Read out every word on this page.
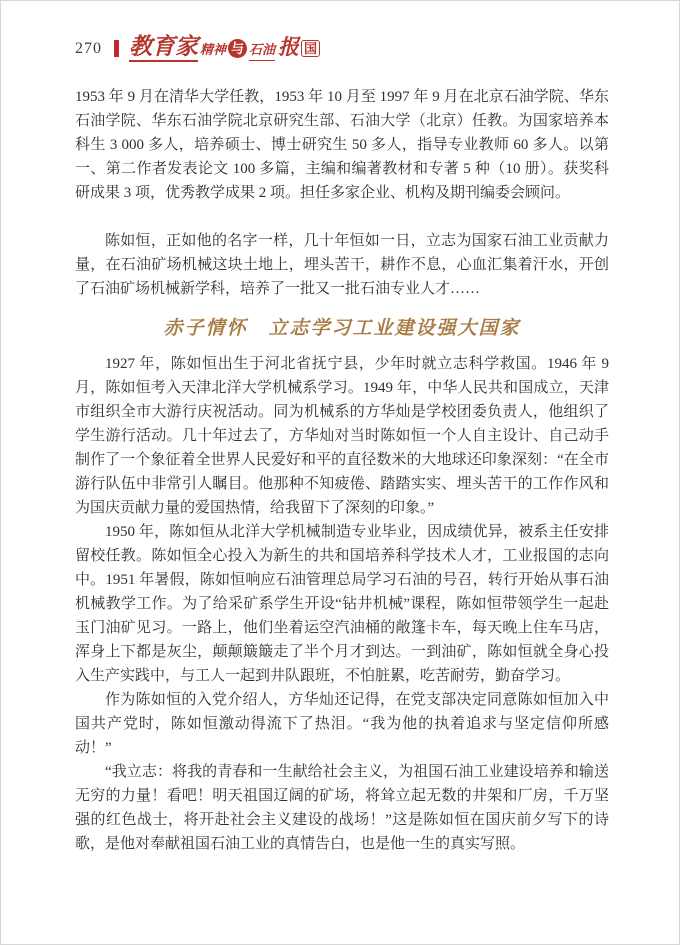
270 教育家 精神 与 石油 报 国

1953 年 9 月在清华大学任教，1953 年 10 月至 1997 年 9 月在北京石油学院、华东石油学院、华东石油学院北京研究生部、石油大学（北京）任教。为国家培养本科生 3 000 多人，培养硕士、博士研究生 50 多人，指导专业教师 60 多人。以第一、第二作者发表论文 100 多篇，主编和编著教材和专著 5 种（10 册）。获奖科研成果 3 项，优秀教学成果 2 项。担任多家企业、机构及期刊编委会顾问。

陈如恒，正如他的名字一样，几十年恒如一日，立志为国家石油工业贡献力量，在石油矿场机械这块土地上，埋头苦干，耕作不息，心血汇集着汗水，开创了石油矿场机械新学科，培养了一批又一批石油专业人才……

赤子情怀　立志学习工业建设强大国家

1927 年，陈如恒出生于河北省抚宁县，少年时就立志科学救国。1946 年 9 月，陈如恒考入天津北洋大学机械系学习。1949 年，中华人民共和国成立，天津市组织全市大游行庆祝活动。同为机械系的方华灿是学校团委负责人，他组织了学生游行活动。几十年过去了，方华灿对当时陈如恒一个人自主设计、自己动手制作了一个象征着全世界人民爱好和平的直径数米的大地球还印象深刻：“在全市游行队伍中非常引人瞩目。他那种不知疲倦、踏踏实实、埋头苦干的工作作风和为国庆贡献力量的爱国热情，给我留下了深刻的印象。”

1950 年，陈如恒从北洋大学机械制造专业毕业，因成绩优异，被系主任安排留校任教。陈如恒全心投入为新生的共和国培养科学技术人才，工业报国的志向中。1951 年暑假，陈如恒响应石油管理总局学习石油的号召，转行开始从事石油机械教学工作。为了给采矿系学生开设“钻井机械”课程，陈如恒带领学生一起赴玉门油矿见习。一路上，他们坐着运空汽油桶的敞篷卡车，每天晚上住车马店，浑身上下都是灰尘，颠颠簸簸走了半个月才到达。一到油矿，陈如恒就全身心投入生产实践中，与工人一起到井队跟班，不怕脏累，吃苦耐劳，勤奋学习。

作为陈如恒的入党介绍人，方华灿还记得，在党支部决定同意陈如恒加入中国共产党时，陈如恒激动得流下了热泪。“我为他的执着追求与坚定信仰所感动！”

“我立志：将我的青春和一生献给社会主义，为祖国石油工业建设培养和输送无穷的力量！看吧！明天祖国辽阔的矿场，将耸立起无数的井架和厂房，千万坚强的红色战士，将开赴社会主义建设的战场！”这是陈如恒在国庆前夕写下的诗歌，是他对奉献祖国石油工业的真情告白，也是他一生的真实写照。
